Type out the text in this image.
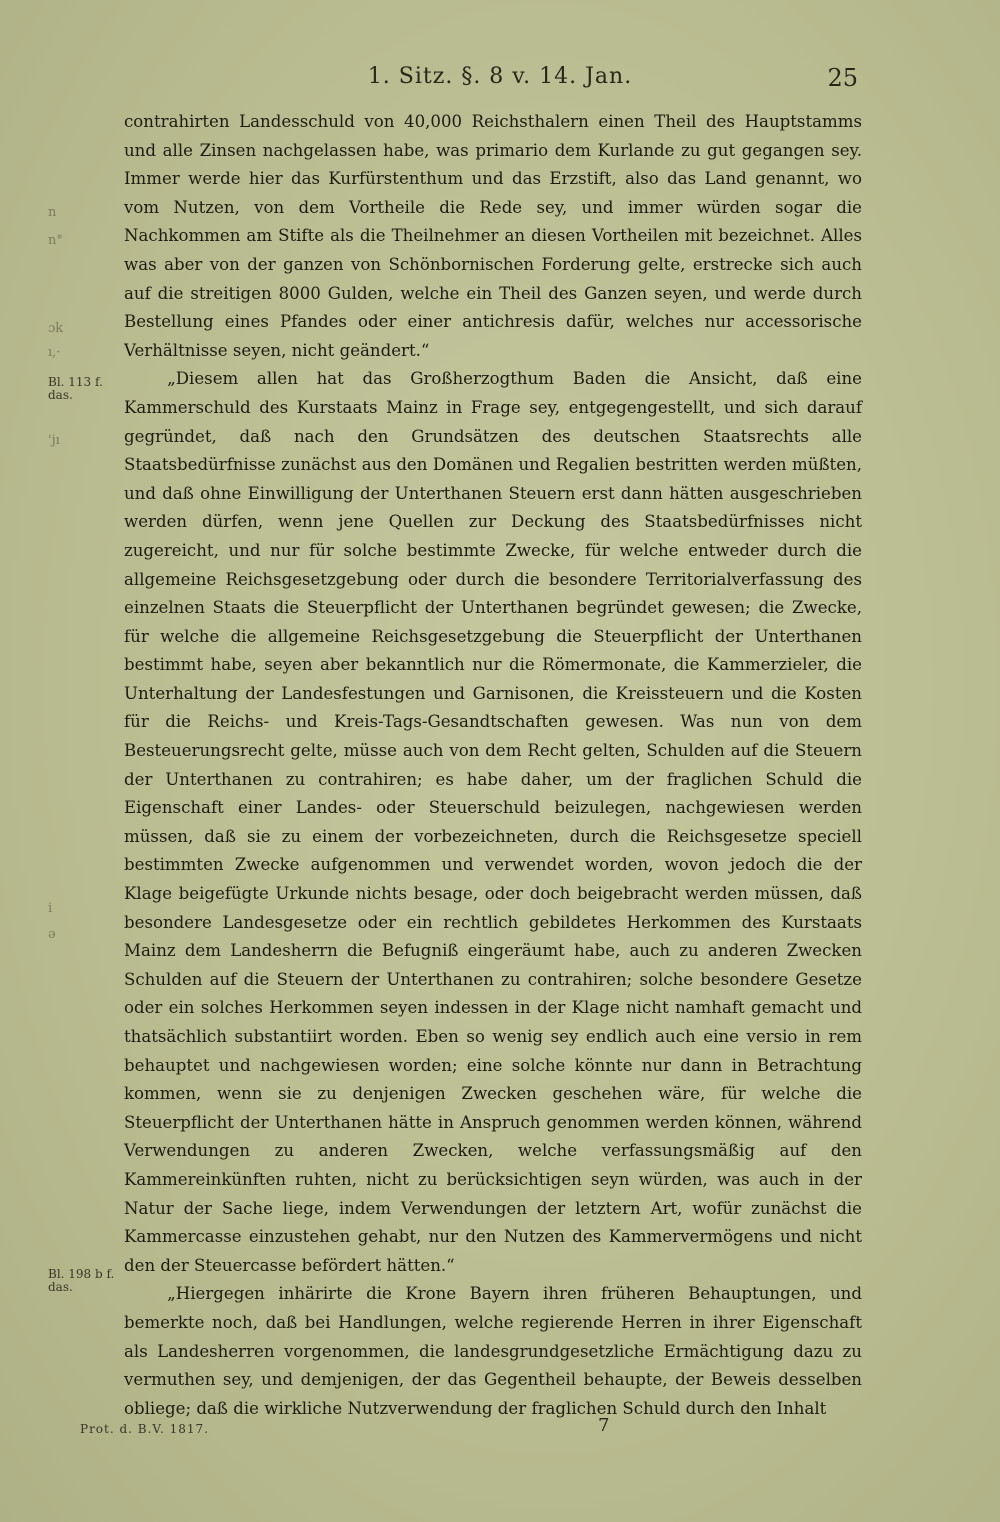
1. Sitz. §. 8 v. 14. Jan.	25
n
n°
ɔk
ı,·
Bl. 113 f.
das.
'jı
i
ə
Bl. 198 b f.
das.

contrahirten Landesschuld von 40,000 Reichsthalern einen Theil des Hauptstamms und alle Zinsen nachgelassen habe, was primario dem Kurlande zu gut gegangen sey. Immer werde hier das Kurfürstenthum und das Erzstift, also das Land genannt, wo vom Nutzen, von dem Vortheile die Rede sey, und immer würden sogar die Nachkommen am Stifte als die Theilnehmer an diesen Vortheilen mit bezeichnet. Alles was aber von der ganzen von Schönbornischen Forderung gelte, erstrecke sich auch auf die streitigen 8000 Gulden, welche ein Theil des Ganzen seyen, und werde durch Bestellung eines Pfandes oder einer antichresis dafür, welches nur accessorische Verhältnisse seyen, nicht geändert.“

„Diesem allen hat das Großherzogthum Baden die Ansicht, daß eine Kammerschuld des Kurstaats Mainz in Frage sey, entgegengestellt, und sich darauf gegründet, daß nach den Grundsätzen des deutschen Staatsrechts alle Staatsbedürfnisse zunächst aus den Domänen und Regalien bestritten werden müßten, und daß ohne Einwilligung der Unterthanen Steuern erst dann hätten ausgeschrieben werden dürfen, wenn jene Quellen zur Deckung des Staatsbedürfnisses nicht zugereicht, und nur für solche bestimmte Zwecke, für welche entweder durch die allgemeine Reichsgesetzgebung oder durch die besondere Territorialverfassung des einzelnen Staats die Steuerpflicht der Unterthanen begründet gewesen; die Zwecke, für welche die allgemeine Reichsgesetzgebung die Steuerpflicht der Unterthanen bestimmt habe, seyen aber bekanntlich nur die Römermonate, die Kammerzieler, die Unterhaltung der Landesfestungen und Garnisonen, die Kreissteuern und die Kosten für die Reichs- und Kreis-Tags-Gesandtschaften gewesen. Was nun von dem Besteuerungsrecht gelte, müsse auch von dem Recht gelten, Schulden auf die Steuern der Unterthanen zu contrahiren; es habe daher, um der fraglichen Schuld die Eigenschaft einer Landes- oder Steuerschuld beizulegen, nachgewiesen werden müssen, daß sie zu einem der vorbezeichneten, durch die Reichsgesetze speciell bestimmten Zwecke aufgenommen und verwendet worden, wovon jedoch die der Klage beigefügte Urkunde nichts besage, oder doch beigebracht werden müssen, daß besondere Landesgesetze oder ein rechtlich gebildetes Herkommen des Kurstaats Mainz dem Landesherrn die Befugniß eingeräumt habe, auch zu anderen Zwecken Schulden auf die Steuern der Unterthanen zu contrahiren; solche besondere Gesetze oder ein solches Herkommen seyen indessen in der Klage nicht namhaft gemacht und thatsächlich substantiirt worden. Eben so wenig sey endlich auch eine versio in rem behauptet und nachgewiesen worden; eine solche könnte nur dann in Betrachtung kommen, wenn sie zu denjenigen Zwecken geschehen wäre, für welche die Steuerpflicht der Unterthanen hätte in Anspruch genommen werden können, während Verwendungen zu anderen Zwecken, welche verfassungsmäßig auf den Kammereinkünften ruhten, nicht zu berücksichtigen seyn würden, was auch in der Natur der Sache liege, indem Verwendungen der letztern Art, wofür zunächst die Kammercasse einzustehen gehabt, nur den Nutzen des Kammervermögens und nicht den der Steuercasse befördert hätten.“

„Hiergegen inhärirte die Krone Bayern ihren früheren Behauptungen, und bemerkte noch, daß bei Handlungen, welche regierende Herren in ihrer Eigenschaft als Landesherren vorgenommen, die landesgrundgesetzliche Ermächtigung dazu zu vermuthen sey, und demjenigen, der das Gegentheil behaupte, der Beweis desselben obliege; daß die wirkliche Nutzverwendung der fraglichen Schuld durch den Inhalt

Prot. d. B.V. 1817.	7
